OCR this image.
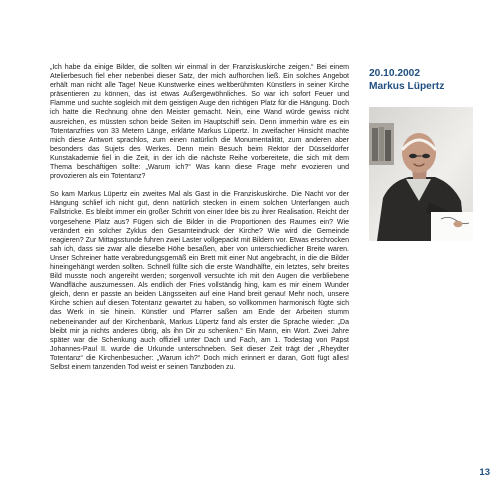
„Ich habe da einige Bilder, die sollten wir einmal in der Franziskuskirche zeigen.“ Bei einem Atelierbesuch fiel eher nebenbei dieser Satz, der mich aufhorchen ließ. Ein solches Angebot erhält man nicht alle Tage! Neue Kunstwerke eines weltberühmten Künstlers in seiner Kirche präsentieren zu können, das ist etwas Außergewöhnliches. So war ich sofort Feuer und Flamme und suchte sogleich mit dem geistigen Auge den richtigen Platz für die Hängung. Doch ich hatte die Rechnung ohne den Meister gemacht. Nein, eine Wand würde gewiss nicht ausreichen, es müssten schon beide Seiten im Hauptschiff sein. Denn immerhin wäre es ein Totentanzfries von 33 Metern Länge, erklärte Markus Lüpertz. In zweifacher Hinsicht machte mich diese Antwort sprachlos, zum einen natürlich die Monumentalität, zum anderen aber besonders das Sujets des Werkes. Denn mein Besuch beim Rektor der Düsseldorfer Kunstakademie fiel in die Zeit, in der ich die nächste Reihe vorbereitete, die sich mit dem Thema beschäftigen sollte: „Warum ich?“ Was kann diese Frage mehr evozieren und provozieren als ein Totentanz?

So kam Markus Lüpertz ein zweites Mal als Gast in die Franziskuskirche. Die Nacht vor der Hängung schlief ich nicht gut, denn natürlich stecken in einem solchen Unterfangen auch Fallstricke. Es bleibt immer ein großer Schritt von einer Idee bis zu ihrer Realisation. Reicht der vorgesehene Platz aus? Fügen sich die Bilder in die Proportionen des Raumes ein? Wie verändert ein solcher Zyklus den Gesamteindruck der Kirche? Wie wird die Gemeinde reagieren? Zur Mittagsstunde fuhren zwei Laster vollgepackt mit Bildern vor. Etwas erschrocken sah ich, dass sie zwar alle dieselbe Höhe besaßen, aber von unterschiedlicher Breite waren. Unser Schreiner hatte verabredungsgemäß ein Brett mit einer Nut angebracht, in die die Bilder hineingehängt werden sollten. Schnell füllte sich die erste Wandhälfte, ein letztes, sehr breites Bild musste noch angereiht werden; sorgenvoll versuchte ich mit den Augen die verbliebene Wandfläche auszumessen. Als endlich der Fries vollständig hing, kam es mir einem Wunder gleich, denn er passte an beiden Längsseiten auf eine Hand breit genau! Mehr noch, unsere Kirche schien auf diesen Totentanz gewartet zu haben, so vollkommen harmonisch fügte sich das Werk in sie hinein. Künstler und Pfarrer saßen am Ende der Arbeiten stumm nebeneinander auf der Kirchenbank, Markus Lüpertz fand als erster die Sprache wieder: „Da bleibt mir ja nichts anderes übrig, als ihn Dir zu schenken.“ Ein Mann, ein Wort. Zwei Jahre später war die Schenkung auch offiziell unter Dach und Fach, am 1. Todestag von Papst Johannes-Paul II. wurde die Urkunde unterschneben. Seit dieser Zeit trägt der „Rheydter Totentanz“ die Kirchenbesucher: „Warum ich?“ Doch mich erinnert er daran, Gott fügt alles! Selbst einem tanzenden Tod weist er seinen Tanzboden zu.

20.10.2002
Markus Lüpertz
13
